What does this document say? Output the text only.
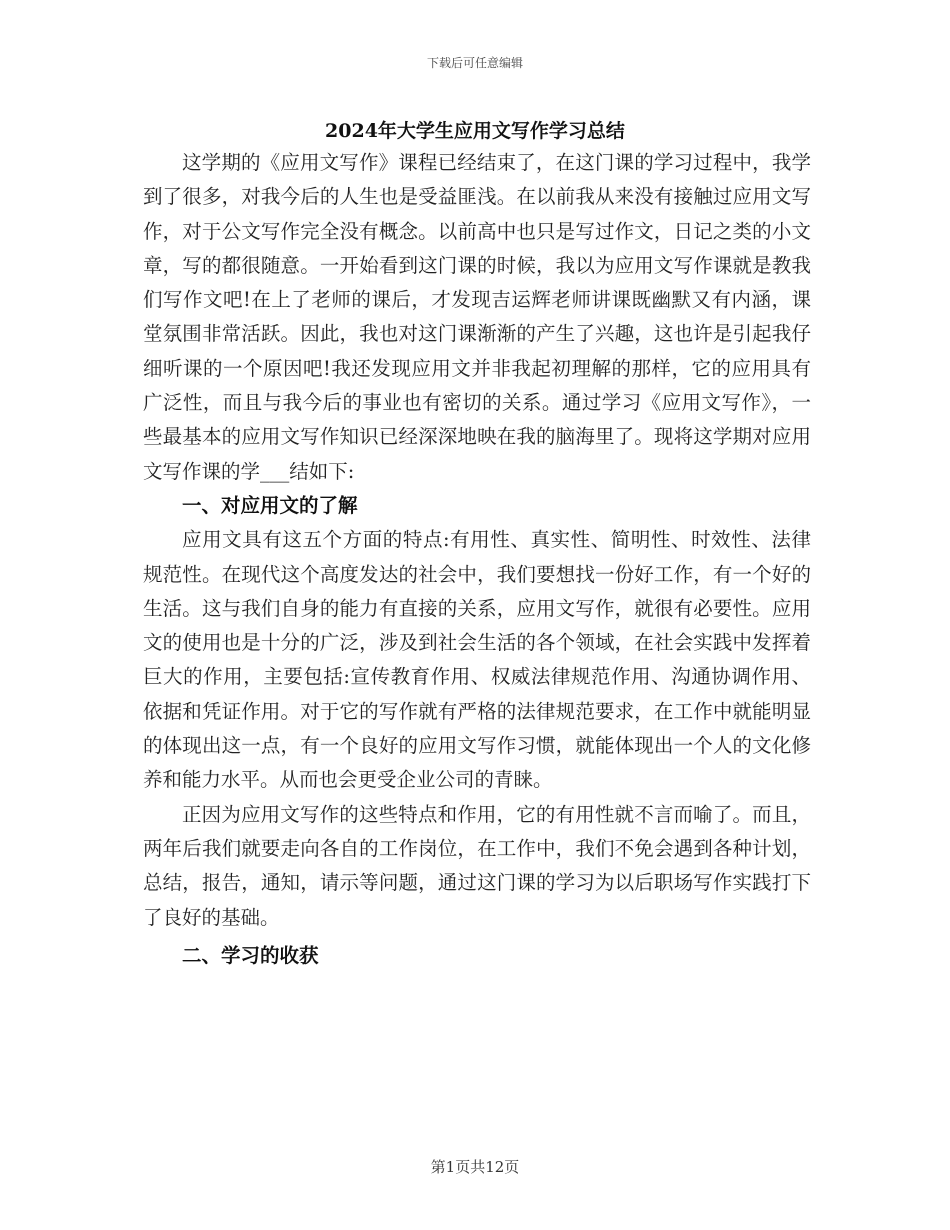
下载后可任意编辑
2024年大学生应用文写作学习总结

这学期的《应用文写作》课程已经结束了，在这门课的学习过程中，我学到了很多，对我今后的人生也是受益匪浅。在以前我从来没有接触过应用文写作，对于公文写作完全没有概念。以前高中也只是写过作文，日记之类的小文章，写的都很随意。一开始看到这门课的时候，我以为应用文写作课就是教我们写作文吧!在上了老师的课后，才发现吉运辉老师讲课既幽默又有内涵，课堂氛围非常活跃。因此，我也对这门课渐渐的产生了兴趣，这也许是引起我仔细听课的一个原因吧!我还发现应用文并非我起初理解的那样，它的应用具有广泛性，而且与我今后的事业也有密切的关系。通过学习《应用文写作》，一些最基本的应用文写作知识已经深深地映在我的脑海里了。现将这学期对应用文写作课的学___结如下:

一、对应用文的了解

应用文具有这五个方面的特点:有用性、真实性、简明性、时效性、法律规范性。在现代这个高度发达的社会中，我们要想找一份好工作，有一个好的生活。这与我们自身的能力有直接的关系，应用文写作，就很有必要性。应用文的使用也是十分的广泛，涉及到社会生活的各个领域，在社会实践中发挥着巨大的作用，主要包括:宣传教育作用、权威法律规范作用、沟通协调作用、依据和凭证作用。对于它的写作就有严格的法律规范要求，在工作中就能明显的体现出这一点，有一个良好的应用文写作习惯，就能体现出一个人的文化修养和能力水平。从而也会更受企业公司的青睐。

正因为应用文写作的这些特点和作用，它的有用性就不言而喻了。而且，两年后我们就要走向各自的工作岗位，在工作中，我们不免会遇到各种计划，总结，报告，通知，请示等问题，通过这门课的学习为以后职场写作实践打下了良好的基础。

二、学习的收获

第1页共12页
